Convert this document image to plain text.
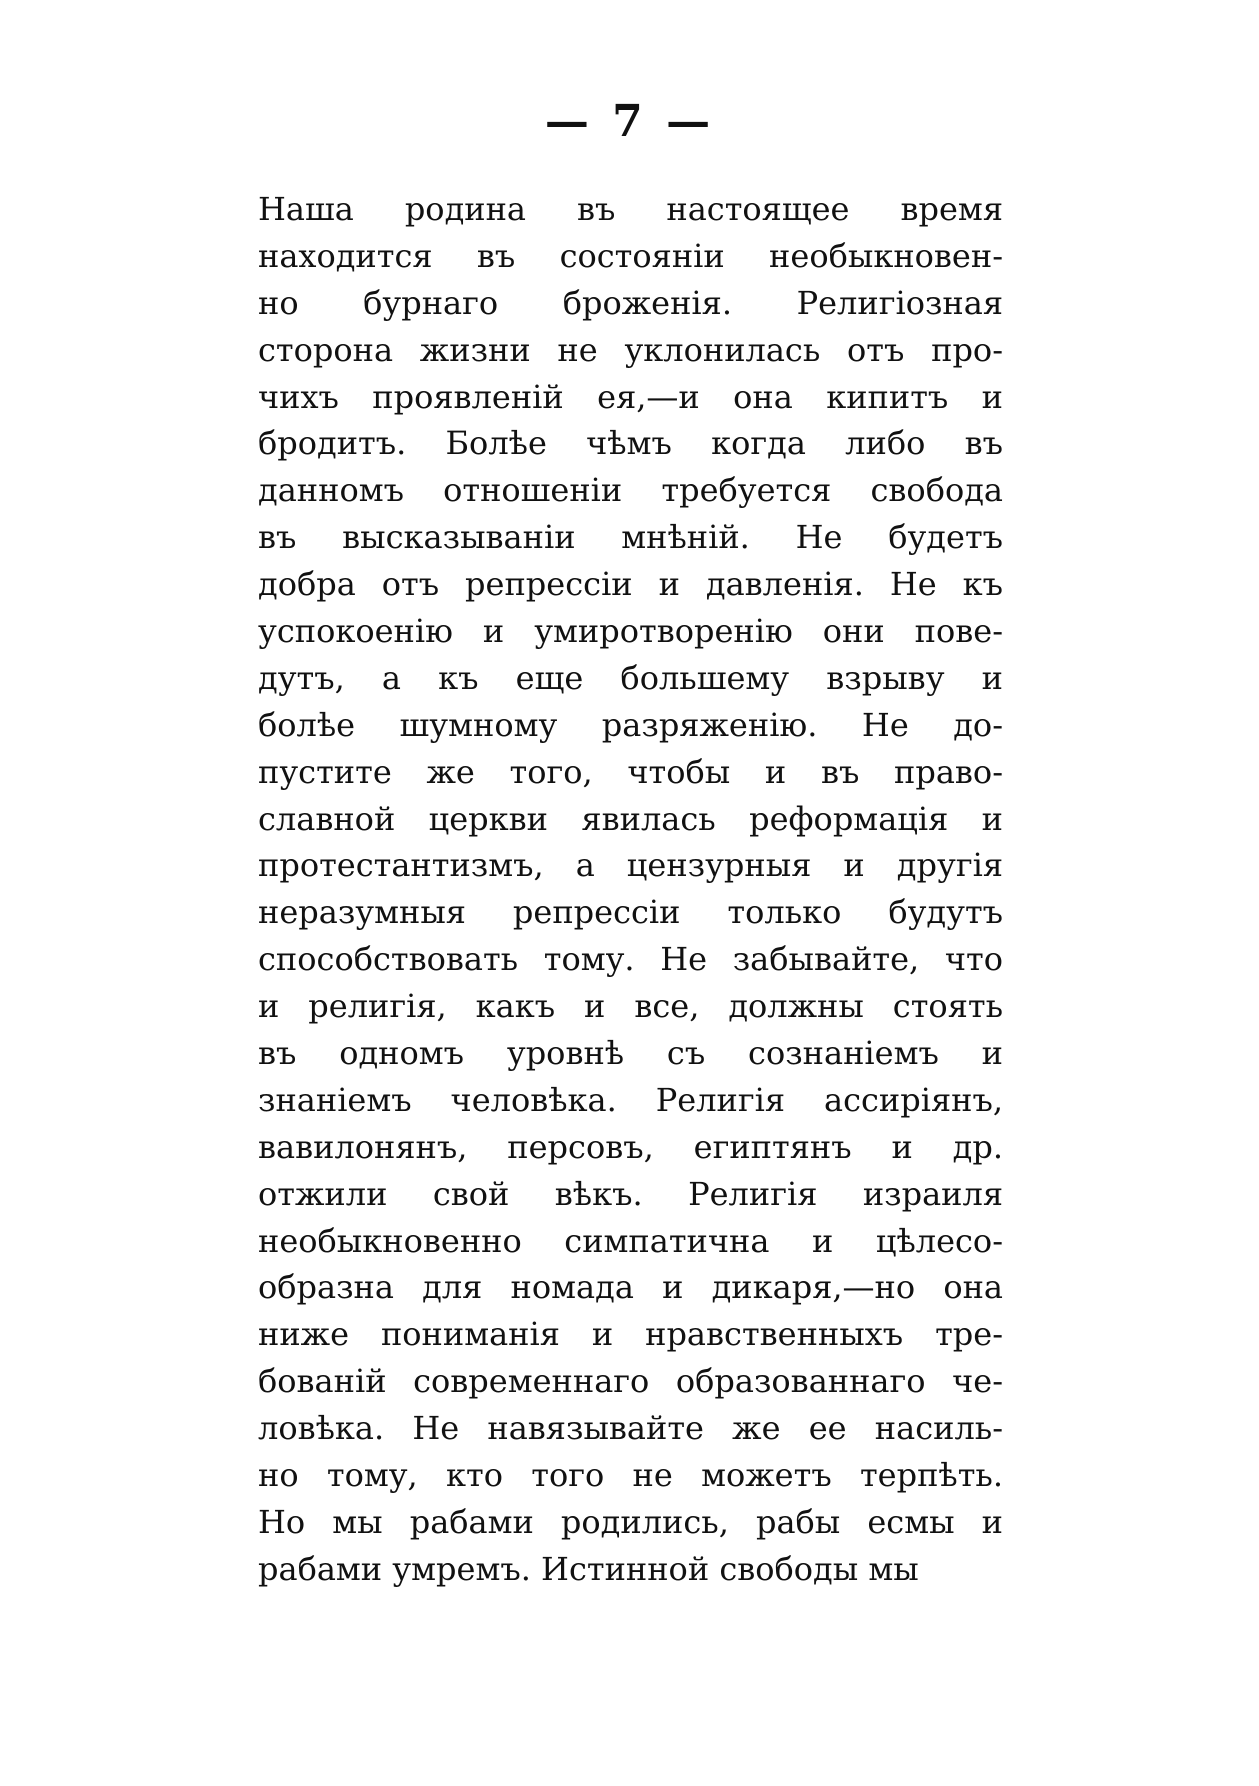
— 7 —
Наша родина въ настоящее время
находится въ состоянiи необыкновен-
но бурнаго броженiя. Религiозная
сторона жизни не уклонилась отъ про-
чихъ проявленiй ея,—и она кипитъ и
бродитъ. Болѣе чѣмъ когда либо въ
данномъ отношенiи требуется свобода
въ высказыванiи мнѣнiй. Не будетъ
добра отъ репрессiи и давленiя. Не къ
успокоенiю и умиротворенiю они пове-
дутъ, а къ еще большему взрыву и
болѣе шумному разряженiю. Не до-
пустите же того, чтобы и въ право-
славной церкви явилась реформацiя и
протестантизмъ, а цензурныя и другiя
неразумныя репрессiи только будутъ
способствовать тому. Не забывайте, что
и религiя, какъ и все, должны стоять
въ одномъ уровнѣ съ сознанiемъ и
знанiемъ человѣка. Религiя ассирiянъ,
вавилонянъ, персовъ, египтянъ и др.
отжили свой вѣкъ. Религiя израиля
необыкновенно симпатична и цѣлесо-
образна для номада и дикаря,—но она
ниже пониманiя и нравственныхъ тре-
бованiй современнаго образованнаго че-
ловѣка. Не навязывайте же ее насиль-
но тому, кто того не можетъ терпѣть.
Но мы рабами родились, рабы есмы и
рабами умремъ. Истинной свободы мы
